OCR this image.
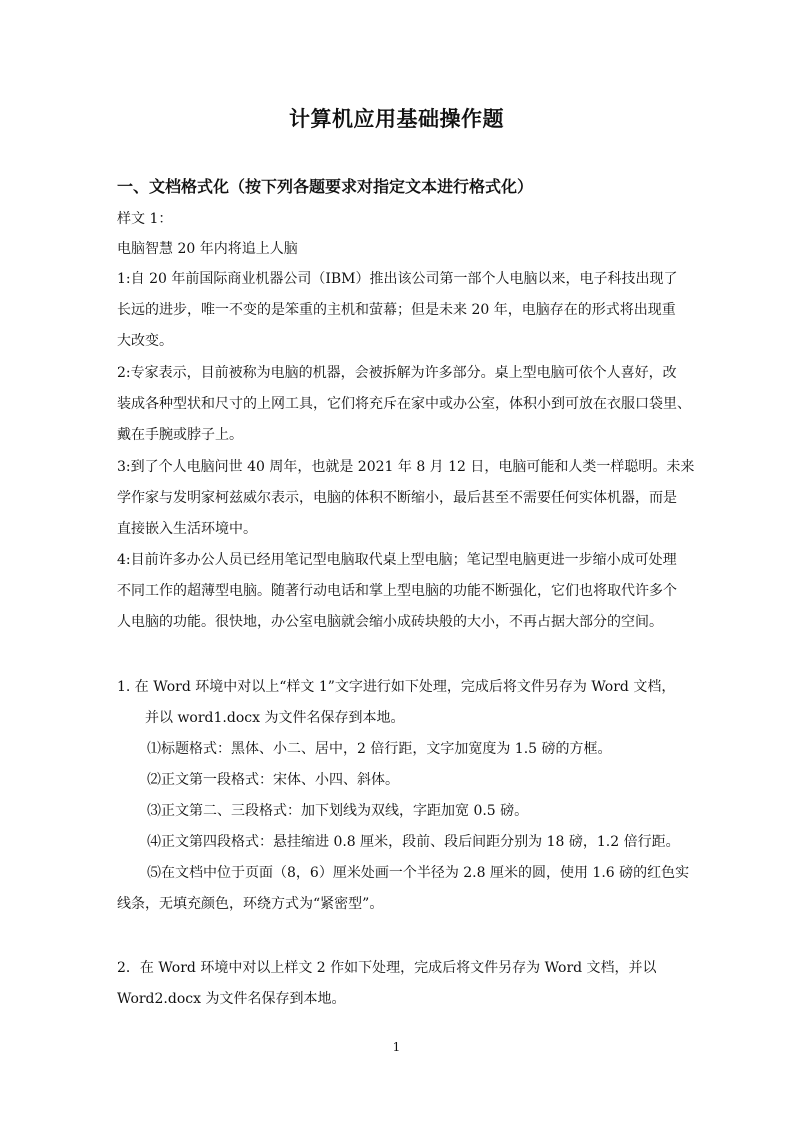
计算机应用基础操作题
一、文档格式化（按下列各题要求对指定文本进行格式化）
样文 1：
电脑智慧 20 年内将追上人脑
1:自 20 年前国际商业机器公司（IBM）推出该公司第一部个人电脑以来，电子科技出现了
长远的进步，唯一不变的是笨重的主机和萤幕；但是未来 20 年，电脑存在的形式将出现重
大改变。
2:专家表示，目前被称为电脑的机器，会被拆解为许多部分。桌上型电脑可依个人喜好，改
装成各种型状和尺寸的上网工具，它们将充斥在家中或办公室，体积小到可放在衣服口袋里、
戴在手腕或脖子上。
3:到了个人电脑问世 40 周年，也就是 2021 年 8 月 12 日，电脑可能和人类一样聪明。未来
学作家与发明家柯兹威尔表示，电脑的体积不断缩小，最后甚至不需要任何实体机器，而是
直接嵌入生活环境中。
4:目前许多办公人员已经用笔记型电脑取代桌上型电脑；笔记型电脑更进一步缩小成可处理
不同工作的超薄型电脑。随著行动电话和掌上型电脑的功能不断强化，它们也将取代许多个
人电脑的功能。很快地，办公室电脑就会缩小成砖块般的大小，不再占据大部分的空间。
1. 在 Word 环境中对以上“样文 1”文字进行如下处理，完成后将文件另存为 Word 文档，
并以 word1.docx 为文件名保存到本地。
⑴标题格式：黑体、小二、居中，2 倍行距，文字加宽度为 1.5 磅的方框。
⑵正文第一段格式：宋体、小四、斜体。
⑶正文第二、三段格式：加下划线为双线，字距加宽 0.5 磅。
⑷正文第四段格式：悬挂缩进 0.8 厘米，段前、段后间距分别为 18 磅，1.2 倍行距。
⑸在文档中位于页面（8，6）厘米处画一个半径为 2.8 厘米的圆，使用 1.6 磅的红色实
线条，无填充颜色，环绕方式为“紧密型”。
2．在 Word 环境中对以上样文 2 作如下处理，完成后将文件另存为 Word 文档，并以
Word2.docx 为文件名保存到本地。
1
